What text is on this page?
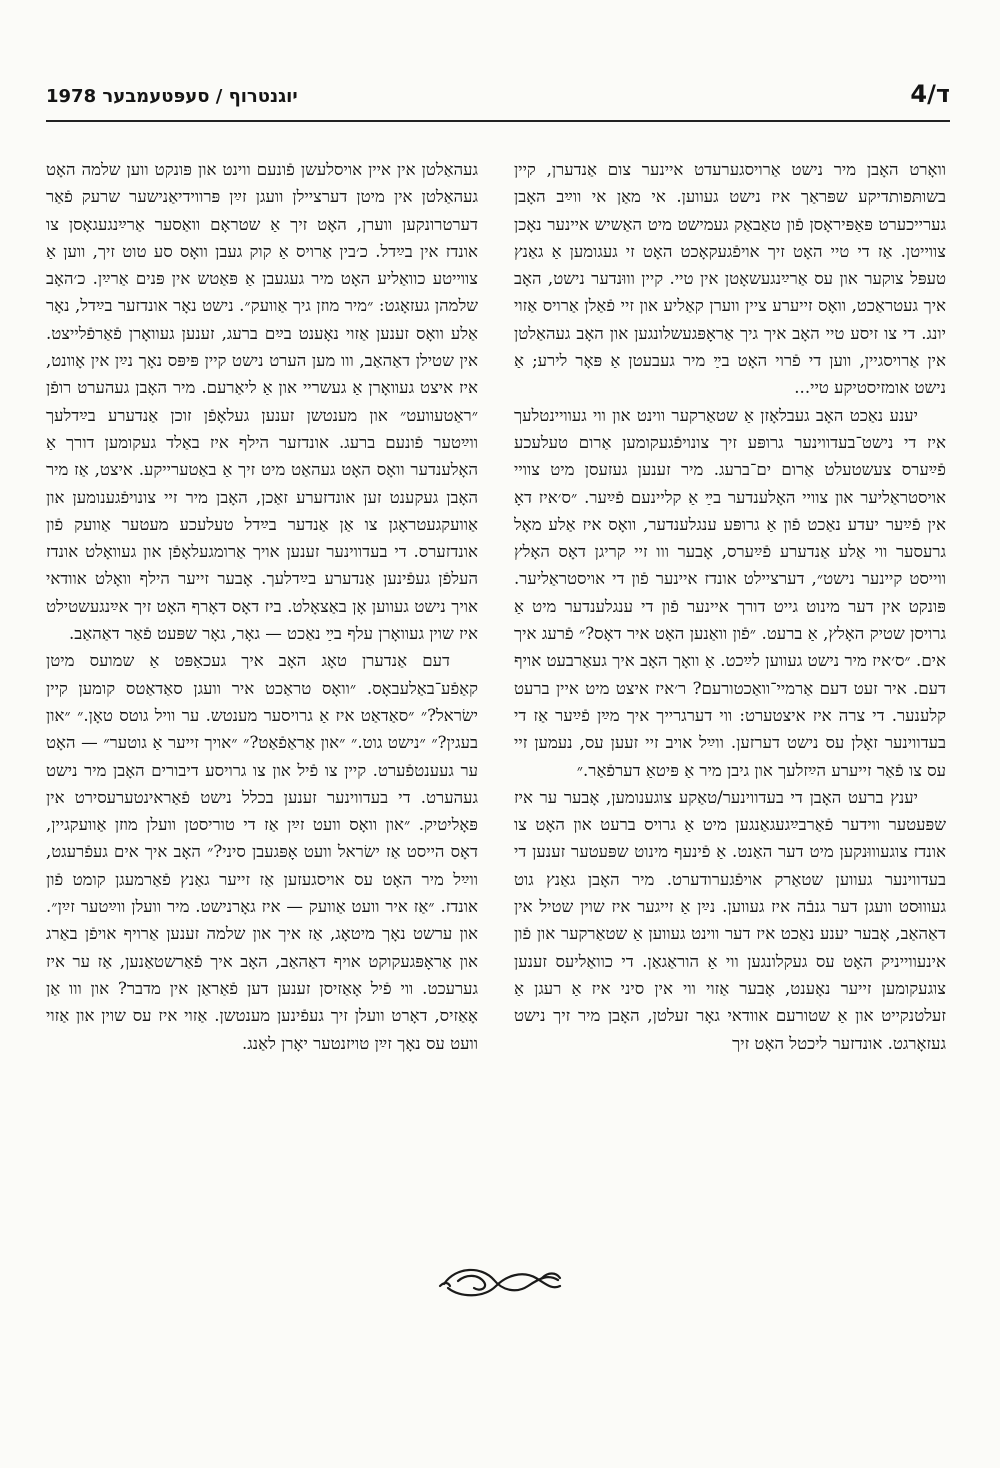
יוגנטרוף / סעפּטעמבער 1978	ד/4

וואָרט האָבן מיר נישט אַרויסגערעדט איינער צום אַנדערן, קיין בשותּפותדיקע שפּראַך איז נישט געווען. אי מאַן אי ווײַב האָבן גערייכערט פּאַפּיראָסן פֿון טאַבאַק געמישט מיט האַשיש איינער נאָכן צווייטן. אַז די טיי האָט זיך אויפֿגעקאָכט האָט זי געגומען אַ גאַנץ טעפּל צוקער און עס אַרײַנגעשאָטן אין טיי. קיין וווּנדער נישט, האָב איך געטראַכט, וואָס זייערע ציין ווערן קאַליע און זיי פֿאַלן אַרויס אַזוי יונג. די צו זיסע טיי האָב איך גיך אַראָפּגעשלונגען און האָב געהאַלטן אין אַרויסגיין, ווען די פֿרוי האָט בײַ מיר געבעטן אַ פּאָר לירע; אַ נישט אומזיסטיקע טיי...

יענע נאַכט האָב געבלאָזן אַ שטאַרקער ווינט און ווי געוויינטלעך איז די נישט־בעדווינער גרופּע זיך צונויפֿגעקומען אַרום טעלעכע פֿײַערס צעשטעלט אַרום ים־ברעג. מיר זענען געזעסן מיט צוויי אויסטראַליער און צוויי האָלענדער בײַ אַ קליינעם פֿײַער. ״ס׳איז דאָ אין פֿײַער יעדע נאַכט פֿון אַ גרופּע ענגלענדער, וואָס איז אַלע מאָל גרעסער ווי אַלע אַנדערע פֿײַערס, אָבער ווו זיי קריגן דאָס האָלץ ווייסט קיינער נישט״, דערציילט אונדז איינער פֿון די אויסטראַליער. פּונקט אין דער מינוט גייט דורך איינער פֿון די ענגלענדער מיט אַ גרויסן שטיק האָלץ, אַ ברעט. ״פֿון וואַנען האָט איר דאָס?״ פֿרעג איך אים. ״ס׳איז מיר נישט געווען לײַכט. אַ וואָך האָב איך געאַרבעט אויף דעם. איר זעט דעם אַרמיי־וואַכטורעם? ר׳איז איצט מיט איין ברעט קלענער. די צרה איז איצטערט: ווי דערגרייך איך מײַן פֿײַער אַז די בעדווינער זאָלן עס נישט דערזען. ווײַל אויב זיי זעען עס, נעמען זיי עס צו פֿאַר זייערע הײַזלעך און גיבן מיר אַ פּיטאַ דערפֿאַר.״

יענץ ברעט האָבן די בעדווינער/טאַקע צוגענומען, אָבער ער איז שפּעטער ווידער פֿאַרבײַגעגאַנגען מיט אַ גרויס ברעט און האָט צו אונדז צוגעוווּנקען מיט דער האַנט. אַ פֿינעף מינוט שפּעטער זענען די בעדווינער געווען שטאַרק אויפֿגערודערט. מיר האָבן גאַנץ גוט געוווּסט וועגן דער גנבֿה איז געווען. נײַן אַ זייגער איז שוין שטיל אין דאַהאַב, אָבער יענע נאַכט איז דער ווינט געווען אַ שטאַרקער און פֿון אינעווייניק האָט עס געקלונגען ווי אַ הוראַגאַן. די כוואַליעס זענען צוגעקומען זייער נאָענט, אָבער אַזוי ווי אין סיני איז אַ רעגן אַ זעלטנקייט און אַ שטורעם אוודאי גאָר זעלטן, האָבן מיר זיך נישט געזאָרגט. אונדזער ליכטל האָט זיך

געהאַלטן אין איין אויסלעשן פֿונעם ווינט און פּונקט ווען שלמה האָט געהאַלטן אין מיטן דערציילן וועגן זײַן פּרווידיאַנישער שרעק פֿאַר דערטרונקען ווערן, האָט זיך אַ שטראָם וואַסער אַרײַנגעגאָסן צו אונדז אין בײַדל. כ׳בין אַרויס אַ קוק געבן וואָס סע טוט זיך, ווען אַ צווייטע כוואַליע האָט מיר געגעבן אַ פּאַטש אין פּנים אַרײַן. כ׳האָב שלמהן געזאָגט: ״מיר מוזן גיך אַוועק״. נישט נאָר אונדזער בײַדל, נאָר אַלע וואָס זענען אַזוי נאָענט בײַם ברעג, זענען געוואָרן פֿאַרפֿלייצט. אין שטילן דאַהאַב, ווו מען הערט נישט קיין פּיפּס נאָך נײַן אין אָוונט, איז איצט געוואָרן אַ געשריי און אַ ליאַרעם. מיר האָבן געהערט רופֿן ״ראַטעוועט״ און מענטשן זענען געלאָפֿן זוכן אַנדערע בײַדלעך ווײַטער פֿונעם ברעג. אונדזער הילף איז באַלד געקומען דורך אַ האָלענדער וואָס האָט געהאַט מיט זיך אַ באַטערייקע. איצט, אַז מיר האָבן געקענט זען אונדזערע זאַכן, האָבן מיר זיי צונויפֿגענומען און אַוועקגעטראָגן צו אַן אַנדער בײַדל טעלעכע מעטער אַוועק פֿון אונדזערס. די בעדווינער זענען אויך אַרומגעלאָפֿן און געוואָלט אונדז העלפֿן געפֿינען אַנדערע בײַדלעך. אָבער זייער הילף וואָלט אוודאי אויך נישט געווען אָן באַצאָלט. ביז דאָס דאָרף האָט זיך אײַנגעשטילט איז שוין געוואָרן עלף בײַ נאַכט — גאָר, גאָר שפּעט פֿאַר דאַהאַב.

דעם אַנדערן טאָג האָב איך געכאַפּט אַ שמועס מיטן קאַפֿע־באַלעבאָס. ״וואָס טראַכט איר וועגן סאַדאַטס קומען קיין ישׂראל?״ ״סאַדאַט איז אַ גרויסער מענטש. ער וויל גוטס טאָן.״ ״און בעגין?״ ״נישט גוט.״ ״און אַראַפֿאַט?״ ״אויך זייער אַ גוטער״ — האָט ער געענטפֿערט. קיין צו פֿיל און צו גרויסע דיבורים האָבן מיר נישט געהערט. די בעדווינער זענען בכלל נישט פֿאַראינטערעסירט אין פּאָליטיק. ״און וואָס וועט זײַן אַז די טוריסטן וועלן מוזן אַוועקגיין, דאָס הייסט אַז ישׂראל וועט אָפּגעבן סיני?״ האָב איך אים געפֿרעגט, ווײַל מיר האָט עס אויסגעזען אַז זייער גאַנץ פֿאַרמעגן קומט פֿון אונדז. ״אַז איר וועט אַוועק — איז גאָרנישט. מיר וועלן ווײַטער זײַן״. און ערשט נאָך מיטאָג, אַז איך און שלמה זענען אַרויף אויפֿן באַרג און אַראָפּגעקוקט אויף דאַהאַב, האָב איך פֿאַרשטאַנען, אַז ער איז גערעכט. ווי פֿיל אָאַזיסן זענען דען פֿאַראַן אין מדבר? און ווו אַן אָאַזיס, דאָרט וועלן זיך געפֿינען מענטשן. אַזוי איז עס שוין און אַזוי וועט עס נאָך זײַן טויזנטער יאָרן לאַנג.
